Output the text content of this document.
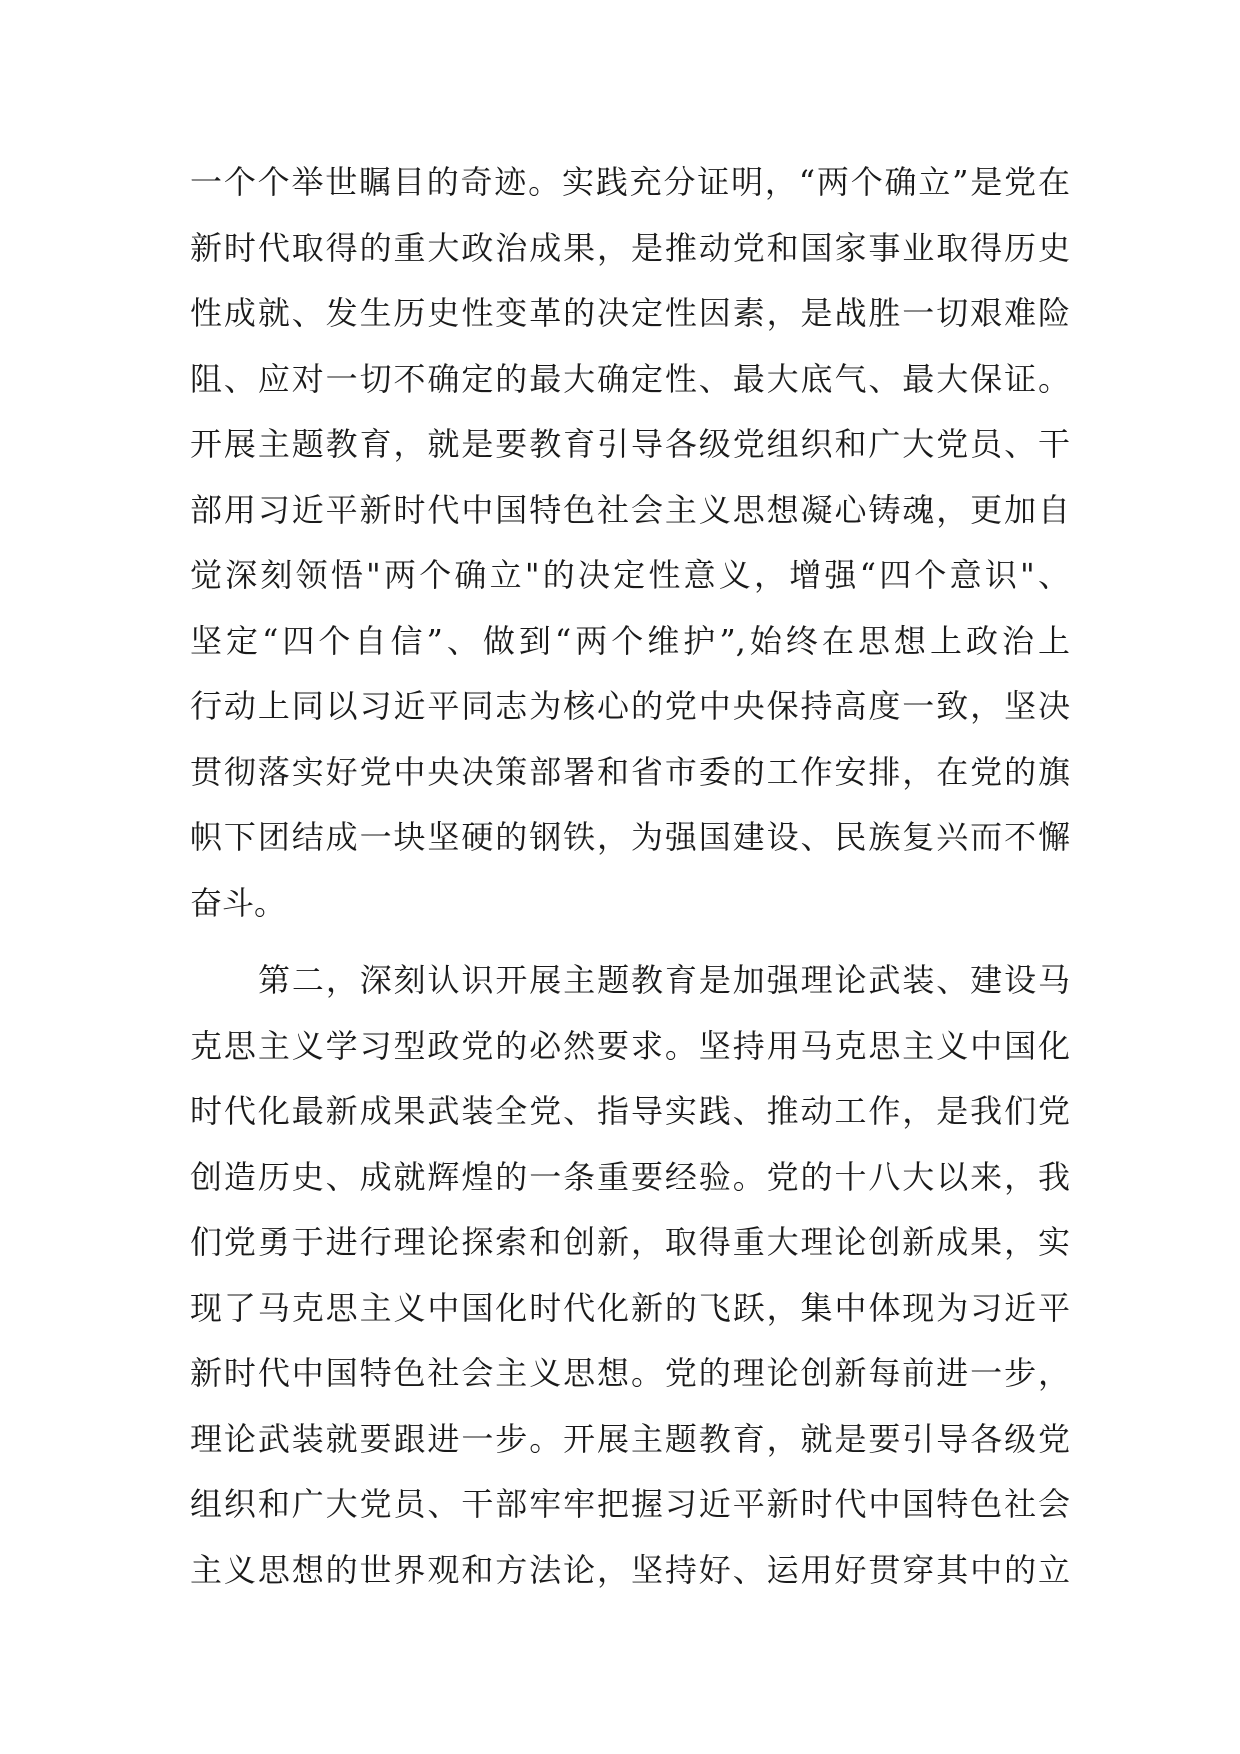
一个个举世瞩目的奇迹。实践充分证明，“两个确立”是党在
新时代取得的重大政治成果，是推动党和国家事业取得历史
性成就、发生历史性变革的决定性因素，是战胜一切艰难险
阻、应对一切不确定的最大确定性、最大底气、最大保证。
开展主题教育，就是要教育引导各级党组织和广大党员、干
部用习近平新时代中国特色社会主义思想凝心铸魂，更加自
觉深刻领悟"两个确立"的决定性意义，增强“四个意识"、
坚定“四个自信”、做到“两个维护”,始终在思想上政治上
行动上同以习近平同志为核心的党中央保持高度一致，坚决
贯彻落实好党中央决策部署和省市委的工作安排，在党的旗
帜下团结成一块坚硬的钢铁，为强国建设、民族复兴而不懈
奋斗。
第二，深刻认识开展主题教育是加强理论武装、建设马
克思主义学习型政党的必然要求。坚持用马克思主义中国化
时代化最新成果武装全党、指导实践、推动工作，是我们党
创造历史、成就辉煌的一条重要经验。党的十八大以来，我
们党勇于进行理论探索和创新，取得重大理论创新成果，实
现了马克思主义中国化时代化新的飞跃，集中体现为习近平
新时代中国特色社会主义思想。党的理论创新每前进一步，
理论武装就要跟进一步。开展主题教育，就是要引导各级党
组织和广大党员、干部牢牢把握习近平新时代中国特色社会
主义思想的世界观和方法论，坚持好、运用好贯穿其中的立
